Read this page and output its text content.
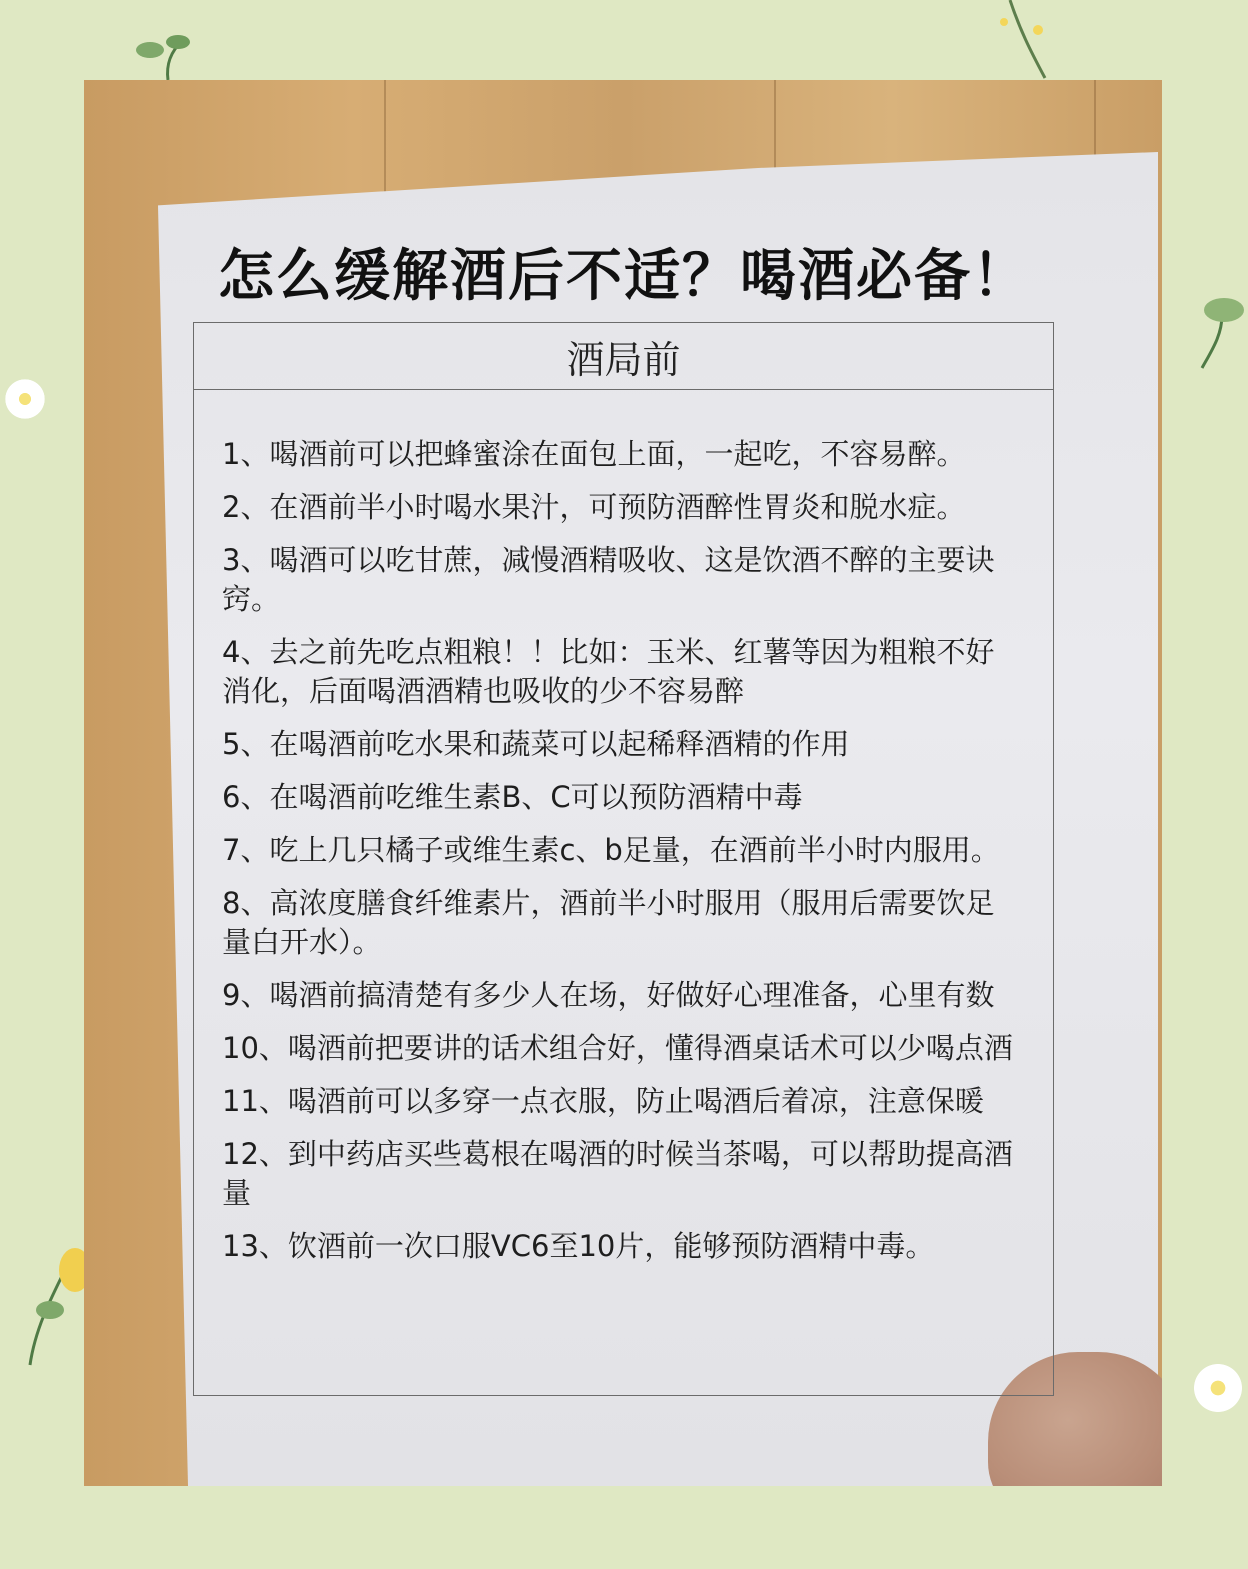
怎么缓解酒后不适？喝酒必备！
酒局前
1、喝酒前可以把蜂蜜涂在面包上面，一起吃，不容易醉。
2、在酒前半小时喝水果汁，可预防酒醉性胃炎和脱水症。
3、喝酒可以吃甘蔗，减慢酒精吸收、这是饮酒不醉的主要诀窍。
4、去之前先吃点粗粮！！比如：玉米、红薯等因为粗粮不好消化，后面喝酒酒精也吸收的少不容易醉
5、在喝酒前吃水果和蔬菜可以起稀释酒精的作用
6、在喝酒前吃维生素B、C可以预防酒精中毒
7、吃上几只橘子或维生素c、b足量，在酒前半小时内服用。
8、高浓度膳食纤维素片，酒前半小时服用（服用后需要饮足量白开水）。
9、喝酒前搞清楚有多少人在场，好做好心理准备，心里有数
10、喝酒前把要讲的话术组合好，懂得酒桌话术可以少喝点酒
11、喝酒前可以多穿一点衣服，防止喝酒后着凉，注意保暖
12、到中药店买些葛根在喝酒的时候当茶喝，可以帮助提高酒量
13、饮酒前一次口服VC6至10片，能够预防酒精中毒。
